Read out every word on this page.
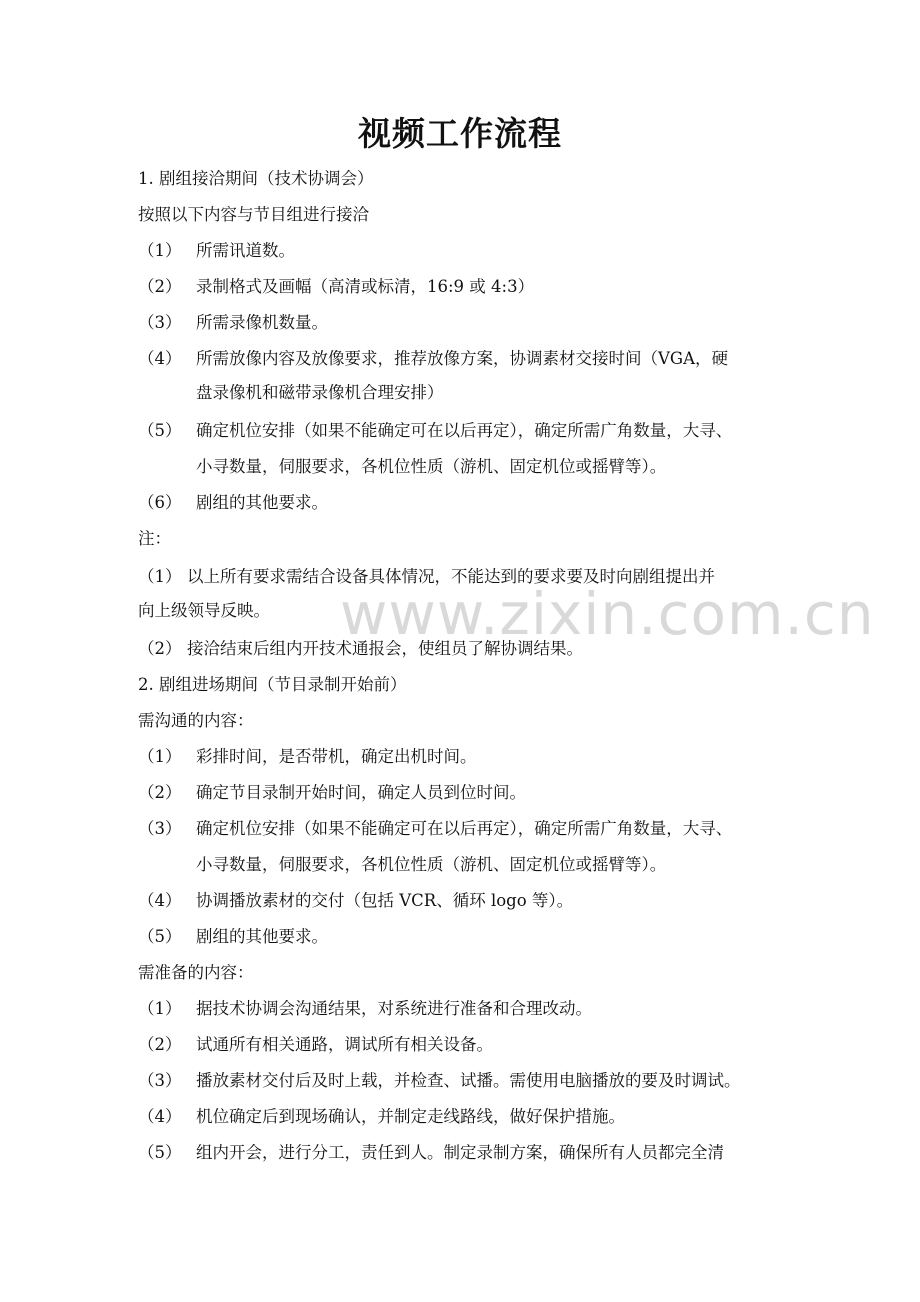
视频工作流程
1. 剧组接洽期间（技术协调会）
按照以下内容与节目组进行接洽
（1） 所需讯道数。
（2） 录制格式及画幅（高清或标清，16:9 或 4:3）
（3） 所需录像机数量。
（4） 所需放像内容及放像要求，推荐放像方案，协调素材交接时间（VGA，硬
盘录像机和磁带录像机合理安排）
（5） 确定机位安排（如果不能确定可在以后再定），确定所需广角数量，大寻、
小寻数量，伺服要求，各机位性质（游机、固定机位或摇臂等）。
（6） 剧组的其他要求。
注：
（1） 以上所有要求需结合设备具体情况，不能达到的要求要及时向剧组提出并
向上级领导反映。
（2） 接洽结束后组内开技术通报会，使组员了解协调结果。
2. 剧组进场期间（节目录制开始前）
需沟通的内容：
（1） 彩排时间，是否带机，确定出机时间。
（2） 确定节目录制开始时间，确定人员到位时间。
（3） 确定机位安排（如果不能确定可在以后再定），确定所需广角数量，大寻、
小寻数量，伺服要求，各机位性质（游机、固定机位或摇臂等）。
（4） 协调播放素材的交付（包括 VCR、循环 logo 等）。
（5） 剧组的其他要求。
需准备的内容：
（1） 据技术协调会沟通结果，对系统进行准备和合理改动。
（2） 试通所有相关通路，调试所有相关设备。
（3） 播放素材交付后及时上载，并检查、试播。需使用电脑播放的要及时调试。
（4） 机位确定后到现场确认，并制定走线路线，做好保护措施。
（5） 组内开会，进行分工，责任到人。制定录制方案，确保所有人员都完全清
www.zixin.com.cn
